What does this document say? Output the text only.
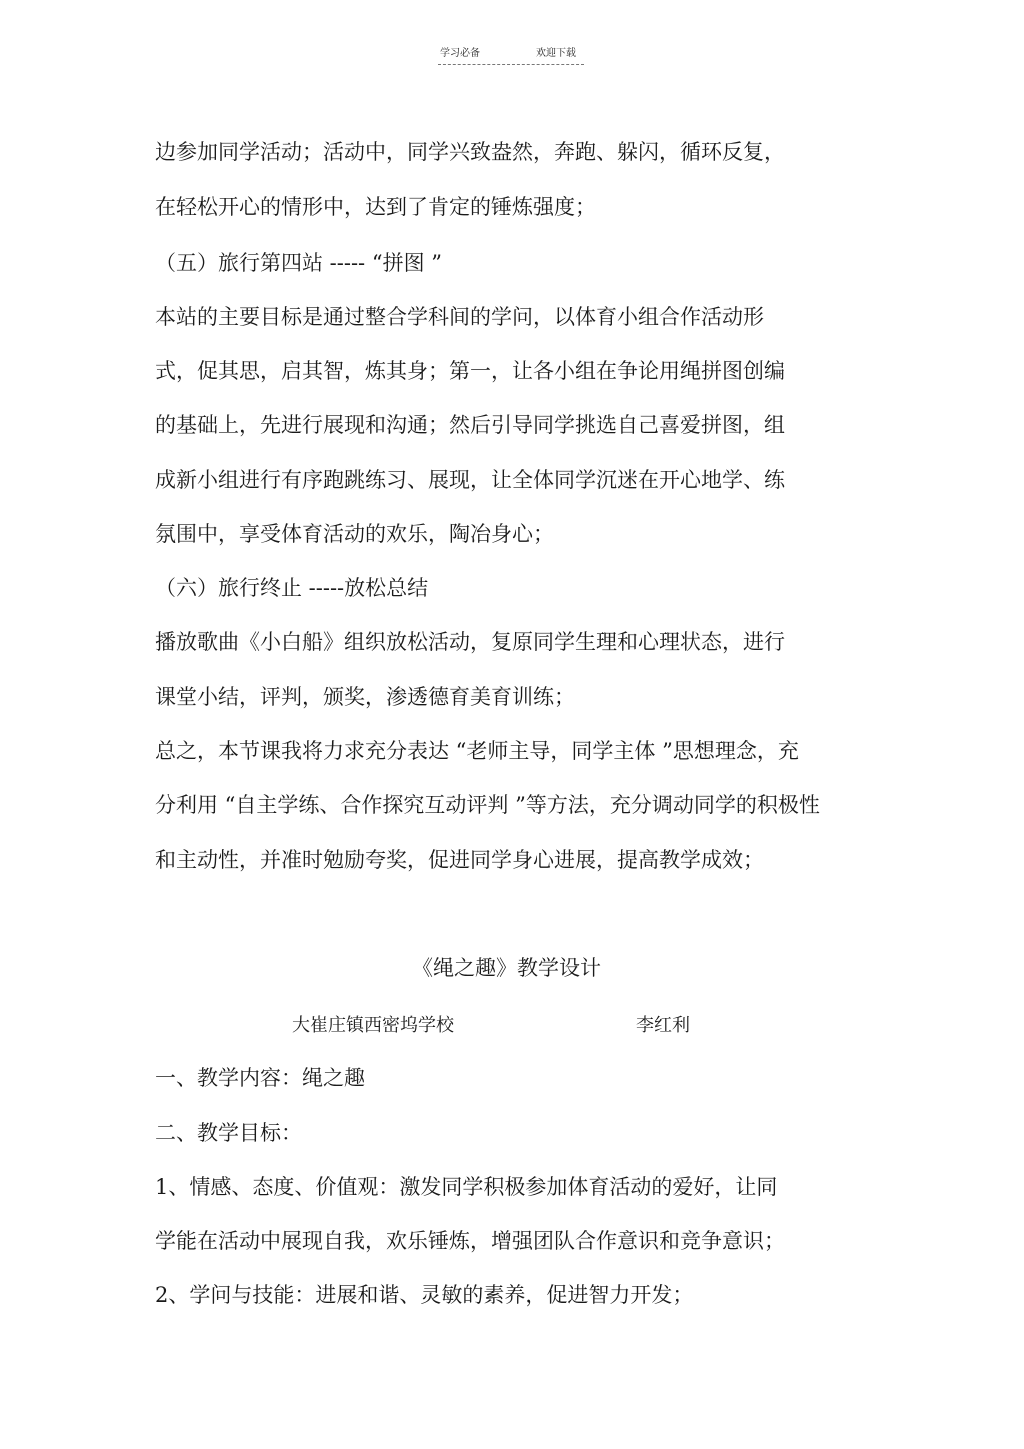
学习必备	欢迎下载
边参加同学活动；活动中，同学兴致盎然，奔跑、躲闪，循环反复，
在轻松开心的情形中，达到了肯定的锤炼强度；
（五）旅行第四站 ----- “拼图 ”
本站的主要目标是通过整合学科间的学问，以体育小组合作活动形
式，促其思，启其智，炼其身；第一，让各小组在争论用绳拼图创编
的基础上，先进行展现和沟通；然后引导同学挑选自己喜爱拼图，组
成新小组进行有序跑跳练习、展现，让全体同学沉迷在开心地学、练
氛围中，享受体育活动的欢乐，陶冶身心；
（六）旅行终止 -----放松总结
播放歌曲《小白船》组织放松活动，复原同学生理和心理状态，进行
课堂小结，评判，颁奖，渗透德育美育训练；
总之，本节课我将力求充分表达 “老师主导，同学主体 ”思想理念，充
分利用 “自主学练、合作探究互动评判 ”等方法，充分调动同学的积极性
和主动性，并准时勉励夸奖，促进同学身心进展，提高教学成效；
《绳之趣》教学设计
大崔庄镇西密坞学校	李红利
一、教学内容：绳之趣
二、教学目标：
1、情感、态度、价值观：激发同学积极参加体育活动的爱好，让同
学能在活动中展现自我，欢乐锤炼，增强团队合作意识和竞争意识；
2、学问与技能：进展和谐、灵敏的素养，促进智力开发；
